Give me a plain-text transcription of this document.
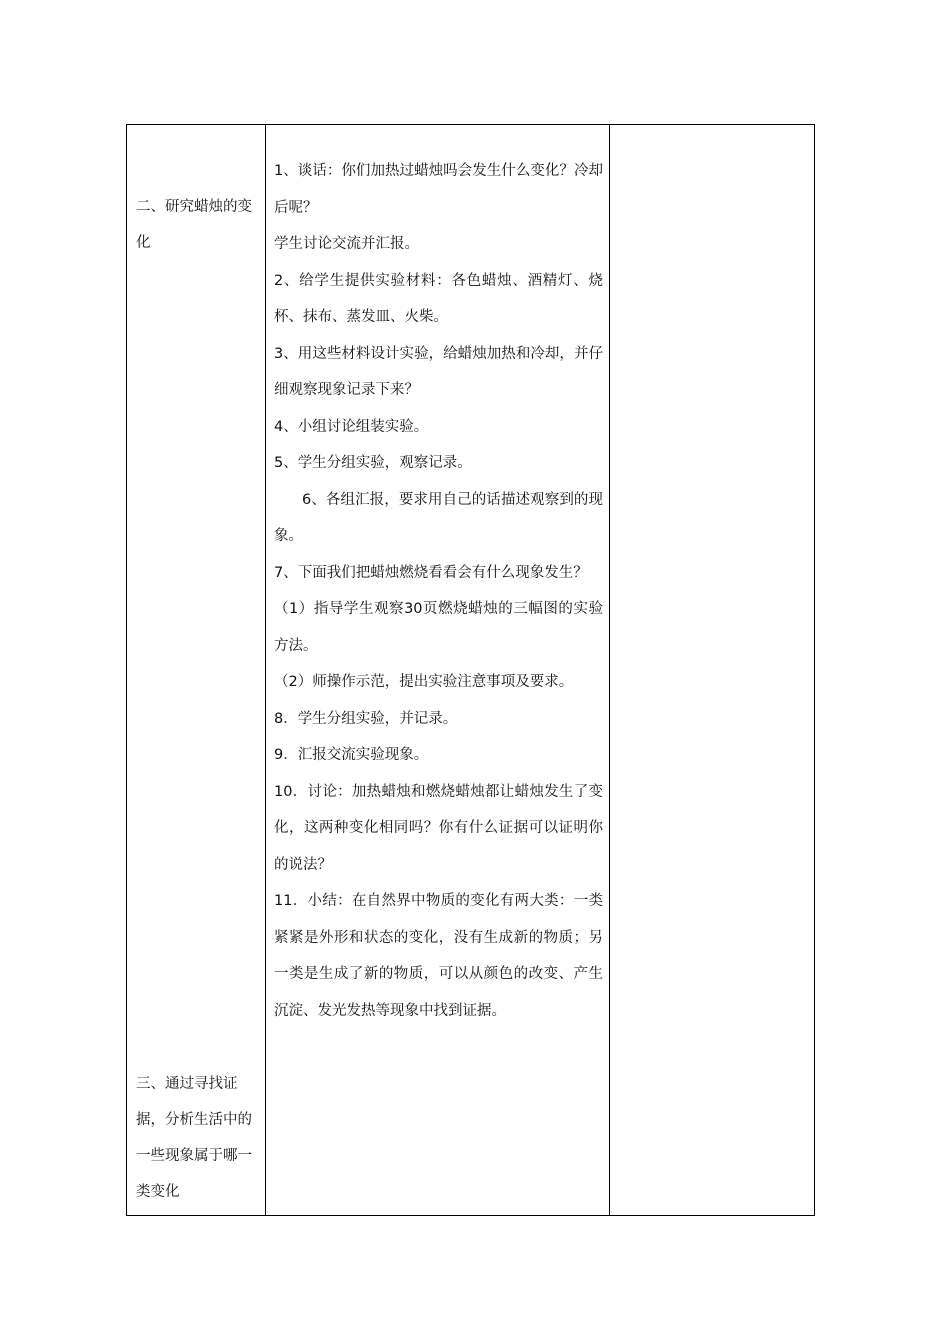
二、研究蜡烛的变化
三、通过寻找证据，分析生活中的一些现象属于哪一类变化

1、谈话：你们加热过蜡烛吗会发生什么变化？冷却后呢？

学生讨论交流并汇报。

2、给学生提供实验材料：各色蜡烛、酒精灯、烧杯、抹布、蒸发皿、火柴。

3、用这些材料设计实验，给蜡烛加热和冷却，并仔细观察现象记录下来？

4、小组讨论组装实验。

5、学生分组实验，观察记录。

6、各组汇报，要求用自己的话描述观察到的现象。

7、下面我们把蜡烛燃烧看看会有什么现象发生？

（1）指导学生观察30页燃烧蜡烛的三幅图的实验方法。

（2）师操作示范，提出实验注意事项及要求。

8．学生分组实验，并记录。

9．汇报交流实验现象。

10．讨论：加热蜡烛和燃烧蜡烛都让蜡烛发生了变化，这两种变化相同吗？你有什么证据可以证明你的说法？

11．小结：在自然界中物质的变化有两大类：一类紧紧是外形和状态的变化，没有生成新的物质；另一类是生成了新的物质，可以从颜色的改变、产生沉淀、发光发热等现象中找到证据。
